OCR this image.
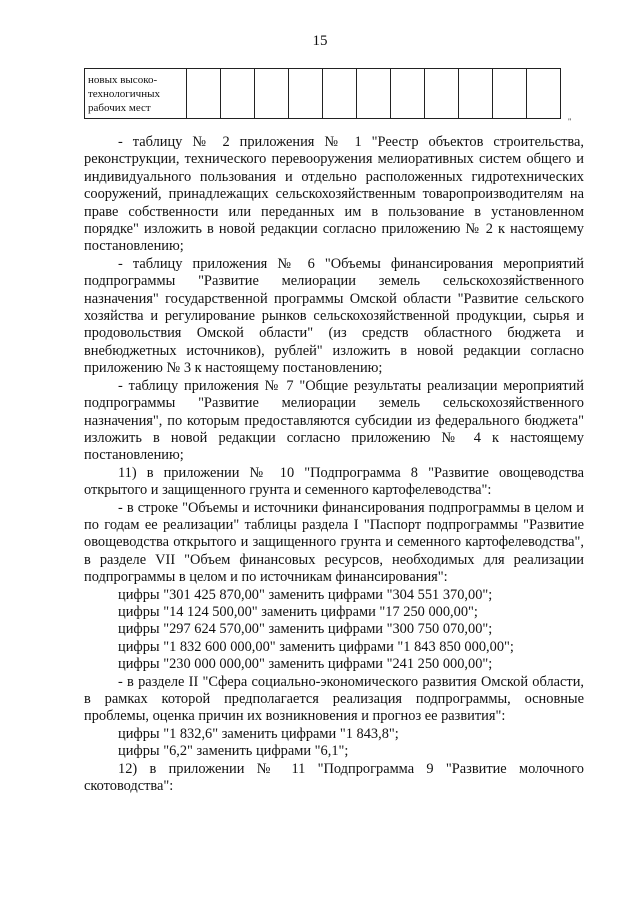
15
новых высоко-
технологичных
рабочих мест

"

- таблицу № 2 приложения № 1 "Реестр объектов строительства, реконструкции, технического перевооружения мелиоративных систем общего и индивидуального пользования и отдельно расположенных гидротехнических сооружений, принадлежащих сельскохозяйственным товаропроизводителям на праве собственности или переданных им в пользование в установленном порядке" изложить в новой редакции согласно приложению № 2 к настоящему постановлению;

- таблицу приложения № 6 "Объемы финансирования мероприятий подпрограммы "Развитие мелиорации земель сельскохозяйственного назначения" государственной программы Омской области "Развитие сельского хозяйства и регулирование рынков сельскохозяйственной продукции, сырья и продовольствия Омской области" (из средств областного бюджета и внебюджетных источников), рублей" изложить в новой редакции согласно приложению № 3 к настоящему постановлению;

- таблицу приложения № 7 "Общие результаты реализации мероприятий подпрограммы "Развитие мелиорации земель сельскохозяйственного назначения", по которым предоставляются субсидии из федерального бюджета" изложить в новой редакции согласно приложению № 4 к настоящему постановлению;

11) в приложении № 10 "Подпрограмма 8 "Развитие овощеводства открытого и защищенного грунта и семенного картофелеводства":

- в строке "Объемы и источники финансирования подпрограммы в целом и по годам ее реализации" таблицы раздела I "Паспорт подпрограммы "Развитие овощеводства открытого и защищенного грунта и семенного картофелеводства", в разделе VII "Объем финансовых ресурсов, необходимых для реализации подпрограммы в целом и по источникам финансирования":

цифры "301 425 870,00" заменить цифрами "304 551 370,00";

цифры "14 124 500,00" заменить цифрами "17 250 000,00";

цифры "297 624 570,00" заменить цифрами "300 750 070,00";

цифры "1 832 600 000,00" заменить цифрами "1 843 850 000,00";

цифры "230 000 000,00" заменить цифрами "241 250 000,00";

- в разделе II "Сфера социально-экономического развития Омской области, в рамках которой предполагается реализация подпрограммы, основные проблемы, оценка причин их возникновения и прогноз ее развития":

цифры "1 832,6" заменить цифрами "1 843,8";

цифры "6,2" заменить цифрами "6,1";

12) в приложении № 11 "Подпрограмма 9 "Развитие молочного скотоводства":
